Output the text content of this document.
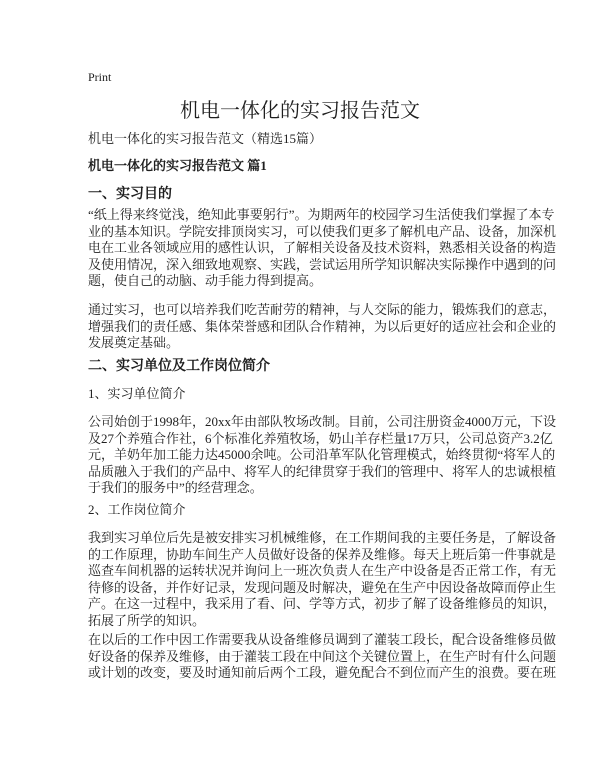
Print
机电一体化的实习报告范文
机电一体化的实习报告范文（精选15篇）
机电一体化的实习报告范文 篇1
一、实习目的
“纸上得来终觉浅，绝知此事要躬行”。为期两年的校园学习生活使我们掌握了本专
业的基本知识。学院安排顶岗实习，可以使我们更多了解机电产品、设备，加深机
电在工业各领域应用的感性认识，了解相关设备及技术资料，熟悉相关设备的构造
及使用情况，深入细致地观察、实践，尝试运用所学知识解决实际操作中遇到的问
题，使自己的动脑、动手能力得到提高。
通过实习，也可以培养我们吃苦耐劳的精神，与人交际的能力，锻炼我们的意志，
增强我们的责任感、集体荣誉感和团队合作精神，为以后更好的适应社会和企业的
发展奠定基础。
二、实习单位及工作岗位简介
1、实习单位简介
公司始创于1998年，20xx年由部队牧场改制。目前，公司注册资金4000万元，下设
及27个养殖合作社，6个标准化养殖牧场，奶山羊存栏量17万只，公司总资产3.2亿
元，羊奶年加工能力达45000余吨。公司沿革军队化管理模式，始终贯彻“将军人的
品质融入于我们的产品中、将军人的纪律贯穿于我们的管理中、将军人的忠诚根植
于我们的服务中”的经营理念。
2、工作岗位简介
我到实习单位后先是被安排实习机械维修，在工作期间我的主要任务是，了解设备
的工作原理，协助车间生产人员做好设备的保养及维修。每天上班后第一件事就是
巡查车间机器的运转状况并询问上一班次负责人在生产中设备是否正常工作，有无
待修的设备，并作好记录，发现问题及时解决，避免在生产中因设备故障而停止生
产。在这一过程中，我采用了看、问、学等方式，初步了解了设备维修员的知识，
拓展了所学的知识。
在以后的工作中因工作需要我从设备维修员调到了灌装工段长，配合设备维修员做
好设备的保养及维修，由于灌装工段在中间这个关键位置上，在生产时有什么问题
或计划的改变，要及时通知前后两个工段，避免配合不到位而产生的浪费。要在班
